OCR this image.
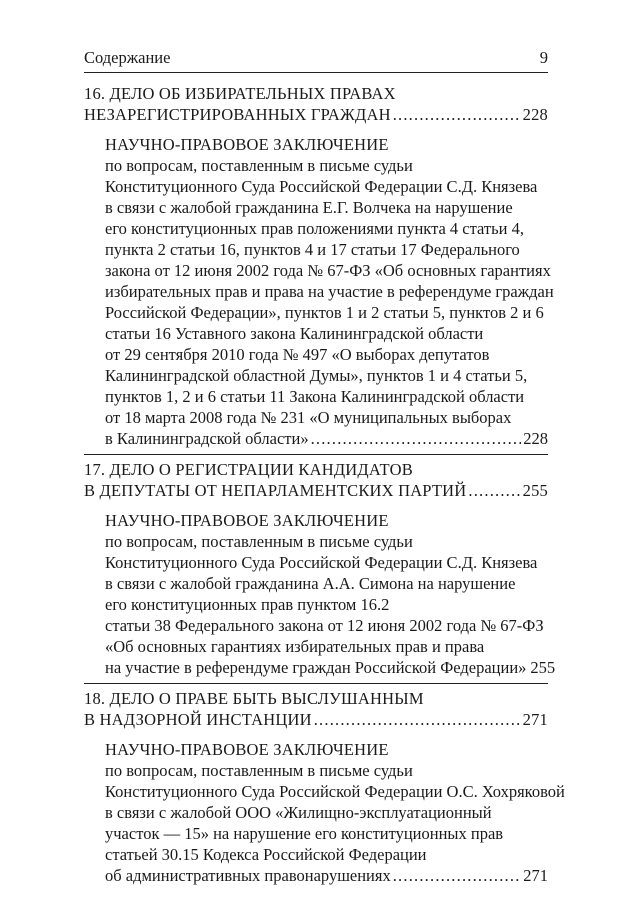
Содержание	9
16. ДЕЛО ОБ ИЗБИРАТЕЛЬНЫХ ПРАВАХ
НЕЗАРЕГИСТРИРОВАННЫХ ГРАЖДАН .....	228
НАУЧНО-ПРАВОВОЕ ЗАКЛЮЧЕНИЕ
по вопросам, поставленным в письме судьи
Конституционного Суда Российской Федерации С.Д. Князева
в связи с жалобой гражданина Е.Г. Волчека на нарушение
его конституционных прав положениями пункта 4 статьи 4,
пункта 2 статьи 16, пунктов 4 и 17 статьи 17 Федерального
закона от 12 июня 2002 года № 67-ФЗ «Об основных гарантиях
избирательных прав и права на участие в референдуме граждан
Российской Федерации», пунктов 1 и 2 статьи 5, пунктов 2 и 6
статьи 16 Уставного закона Калининградской области
от 29 сентября 2010 года № 497 «О выборах депутатов
Калининградской областной Думы», пунктов 1 и 4 статьи 5,
пунктов 1, 2 и 6 статьи 11 Закона Калининградской области
от 18 марта 2008 года № 231 «О муниципальных выборах
в Калининградской области» .....	228
17. ДЕЛО О РЕГИСТРАЦИИ КАНДИДАТОВ
В ДЕПУТАТЫ ОТ НЕПАРЛАМЕНТСКИХ ПАРТИЙ .....	255
НАУЧНО-ПРАВОВОЕ ЗАКЛЮЧЕНИЕ
по вопросам, поставленным в письме судьи
Конституционного Суда Российской Федерации С.Д. Князева
в связи с жалобой гражданина А.А. Симона на нарушение
его конституционных прав пунктом 16.2
статьи 38 Федерального закона от 12 июня 2002 года № 67-ФЗ
«Об основных гарантиях избирательных прав и права
на участие в референдуме граждан Российской Федерации» 255
18. ДЕЛО О ПРАВЕ БЫТЬ ВЫСЛУШАННЫМ
В НАДЗОРНОЙ ИНСТАНЦИИ .....	271
НАУЧНО-ПРАВОВОЕ ЗАКЛЮЧЕНИЕ
по вопросам, поставленным в письме судьи
Конституционного Суда Российской Федерации О.С. Хохряковой
в связи с жалобой ООО «Жилищно-эксплуатационный
участок — 15» на нарушение его конституционных прав
статьей 30.15 Кодекса Российской Федерации
об административных правонарушениях .....	271
